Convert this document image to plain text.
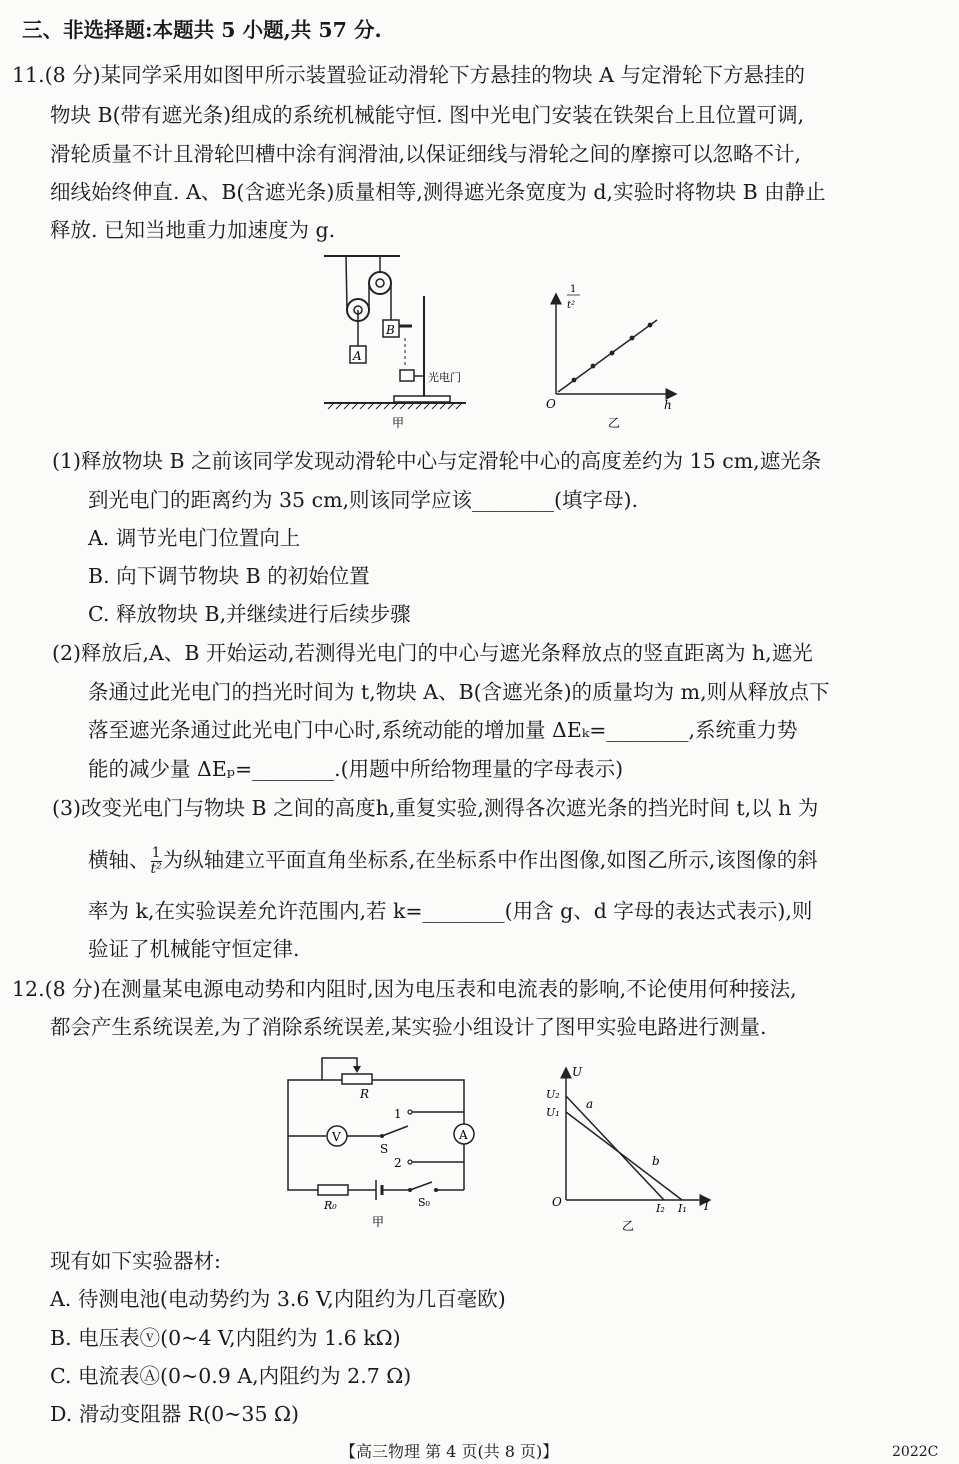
三、非选择题:本题共 5 小题,共 57 分.
11.(8 分)某同学采用如图甲所示装置验证动滑轮下方悬挂的物块 A 与定滑轮下方悬挂的
物块 B(带有遮光条)组成的系统机械能守恒. 图中光电门安装在铁架台上且位置可调,
滑轮质量不计且滑轮凹槽中涂有润滑油,以保证细线与滑轮之间的摩擦可以忽略不计,
细线始终伸直. A、B(含遮光条)质量相等,测得遮光条宽度为 d,实验时将物块 B 由静止
释放. 已知当地重力加速度为 g.
A
B
光电门
甲
1
t²
O	h
乙
(1)释放物块 B 之前该同学发现动滑轮中心与定滑轮中心的高度差约为 15 cm,遮光条
到光电门的距离约为 35 cm,则该同学应该________(填字母).
A. 调节光电门位置向上
B. 向下调节物块 B 的初始位置
C. 释放物块 B,并继续进行后续步骤
(2)释放后,A、B 开始运动,若测得光电门的中心与遮光条释放点的竖直距离为 h,遮光
条通过此光电门的挡光时间为 t,物块 A、B(含遮光条)的质量均为 m,则从释放点下
落至遮光条通过此光电门中心时,系统动能的增加量 ΔEₖ=________,系统重力势
能的减少量 ΔEₚ=________.(用题中所给物理量的字母表示)
(3)改变光电门与物块 B 之间的高度h,重复实验,测得各次遮光条的挡光时间 t,以 h 为
横轴、 $\frac{1}{\text{t²}}$ 为纵轴建立平面直角坐标系,在坐标系中作出图像,如图乙所示,该图像的斜
率为 k,在实验误差允许范围内,若 k=________(用含 g、d 字母的表达式表示),则
验证了机械能守恒定律.
12.(8 分)在测量某电源电动势和内阻时,因为电压表和电流表的影响,不论使用何种接法,
都会产生系统误差,为了消除系统误差,某实验小组设计了图甲实验电路进行测量.
R
V
S
1
2
A
R₀	S₀
甲
U
I
O
U₂
U₁
a
b
I₂ I₁
乙
现有如下实验器材:
A. 待测电池(电动势约为 3.6 V,内阻约为几百毫欧)
B. 电压表ⓥ(0~4 V,内阻约为 1.6 kΩ)
C. 电流表Ⓐ(0~0.9 A,内阻约为 2.7 Ω)
D. 滑动变阻器 R(0~35 Ω)
【高三物理 第 4 页(共 8 页)】	2022C
